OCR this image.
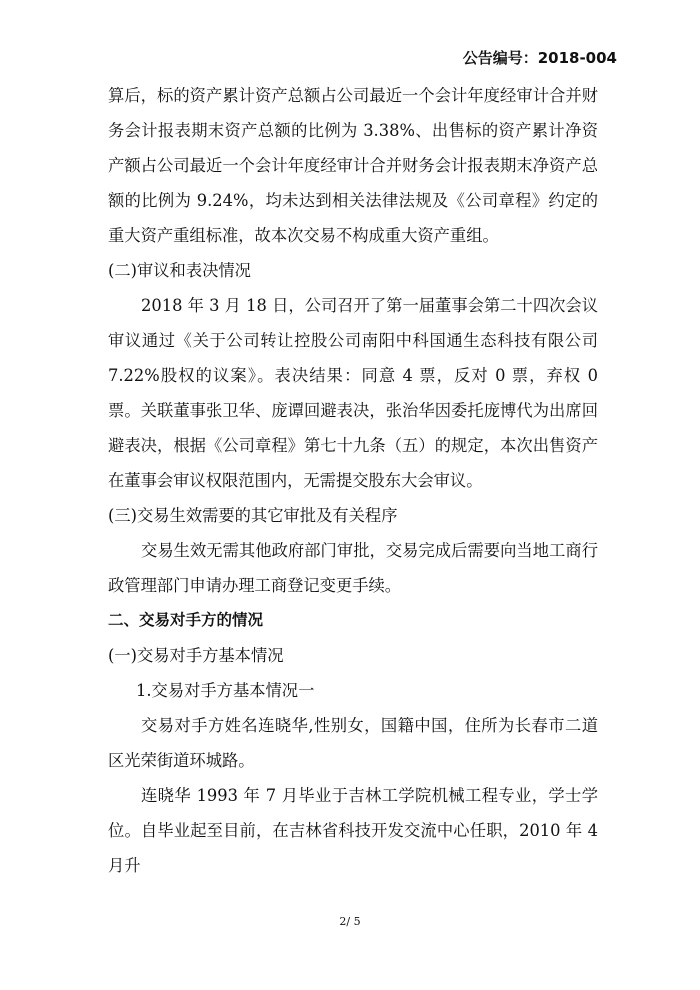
公告编号：2018-004

算后，标的资产累计资产总额占公司最近一个会计年度经审计合并财务会计报表期末资产总额的比例为 3.38%、出售标的资产累计净资产额占公司最近一个会计年度经审计合并财务会计报表期末净资产总额的比例为 9.24%，均未达到相关法律法规及《公司章程》约定的重大资产重组标准，故本次交易不构成重大资产重组。

(二)审议和表决情况

2018 年 3 月 18 日，公司召开了第一届董事会第二十四次会议审议通过《关于公司转让控股公司南阳中科国通生态科技有限公司 7.22%股权的议案》。表决结果：同意 4 票，反对 0 票，弃权 0 票。关联董事张卫华、庞谭回避表决，张治华因委托庞博代为出席回避表决，根据《公司章程》第七十九条（五）的规定，本次出售资产在董事会审议权限范围内，无需提交股东大会审议。

(三)交易生效需要的其它审批及有关程序

交易生效无需其他政府部门审批，交易完成后需要向当地工商行政管理部门申请办理工商登记变更手续。

二、交易对手方的情况

(一)交易对手方基本情况

1.交易对手方基本情况一

交易对手方姓名连晓华,性别女，国籍中国，住所为长春市二道区光荣街道环城路。

连晓华 1993 年 7 月毕业于吉林工学院机械工程专业，学士学位。自毕业起至目前，在吉林省科技开发交流中心任职，2010 年 4 月升

2/ 5
